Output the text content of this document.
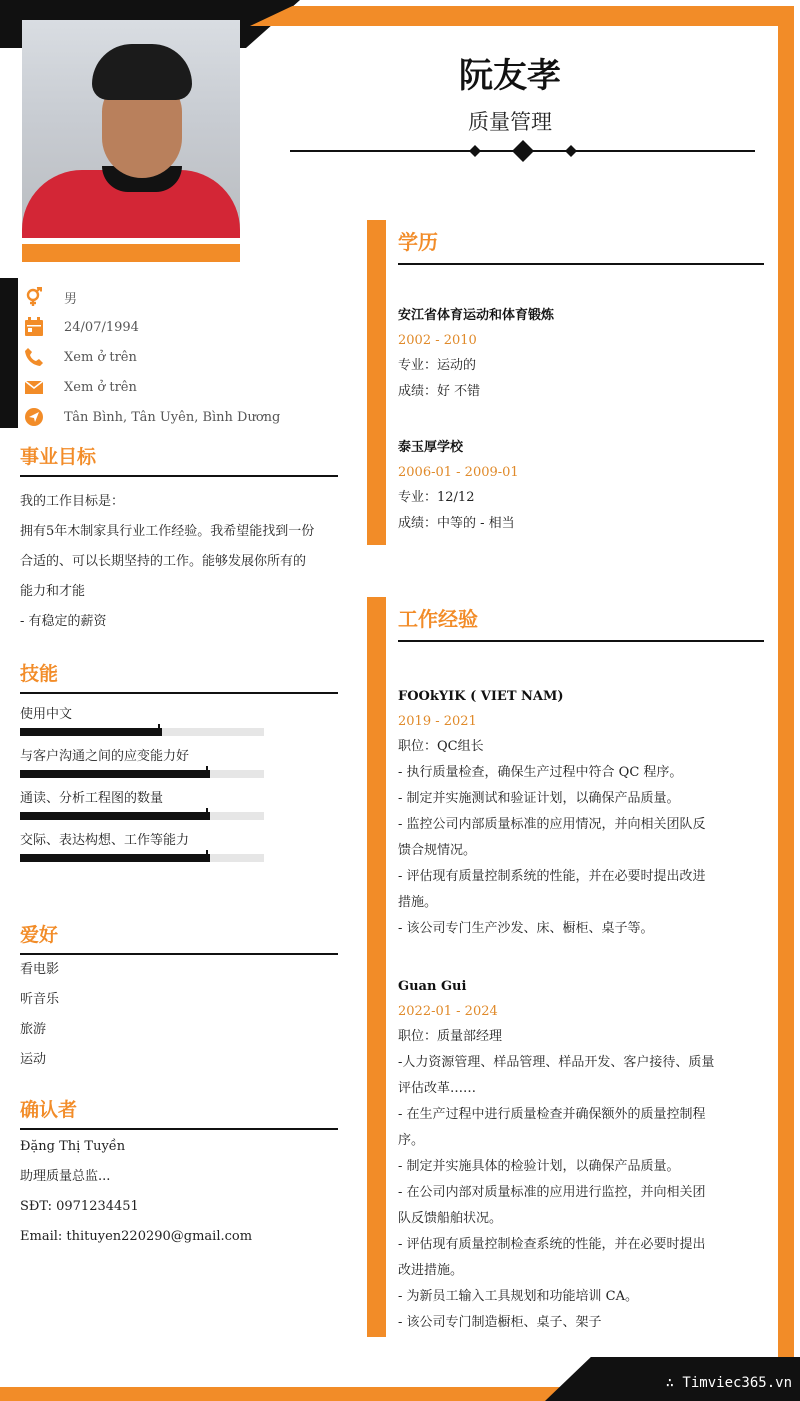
∴ Timviec365.vn
男
24/07/1994
Xem ở trên
Xem ở trên
Tân Bình, Tân Uyên, Bình Dương
事业目标
我的工作目标是：
拥有5年木制家具行业工作经验。我希望能找到一份
合适的、可以长期坚持的工作。能够发展你所有的
能力和才能
- 有稳定的薪资
技能
使用中文
与客户沟通之间的应变能力好
通读、分析工程图的数量
交际、表达构想、工作等能力
爱好
看电影
听音乐
旅游
运动
确认者
Đặng Thị Tuyền
助理质量总监...
SĐT: 0971234451
Email: thituyen220290@gmail.com
阮友孝
质量管理
学历
安江省体育运动和体育锻炼
2002 - 2010
专业：运动的
成绩：好 不错
泰玉厚学校
2006-01 - 2009-01
专业：12/12
成绩：中等的 - 相当
工作经验
FOOkYIK ( VIET NAM)
2019 - 2021
职位：QC组长
- 执行质量检查，确保生产过程中符合 QC 程序。
- 制定并实施测试和验证计划，以确保产品质量。
- 监控公司内部质量标准的应用情况，并向相关团队反
馈合规情况。
- 评估现有质量控制系统的性能，并在必要时提出改进
措施。
- 该公司专门生产沙发、床、橱柜、桌子等。
Guan Gui
2022-01 - 2024
职位：质量部经理
-人力资源管理、样品管理、样品开发、客户接待、质量
评估改革……
- 在生产过程中进行质量检查并确保额外的质量控制程
序。
- 制定并实施具体的检验计划，以确保产品质量。
- 在公司内部对质量标准的应用进行监控，并向相关团
队反馈船舶状况。
- 评估现有质量控制检查系统的性能，并在必要时提出
改进措施。
- 为新员工输入工具规划和功能培训 CA。
- 该公司专门制造橱柜、桌子、架子
